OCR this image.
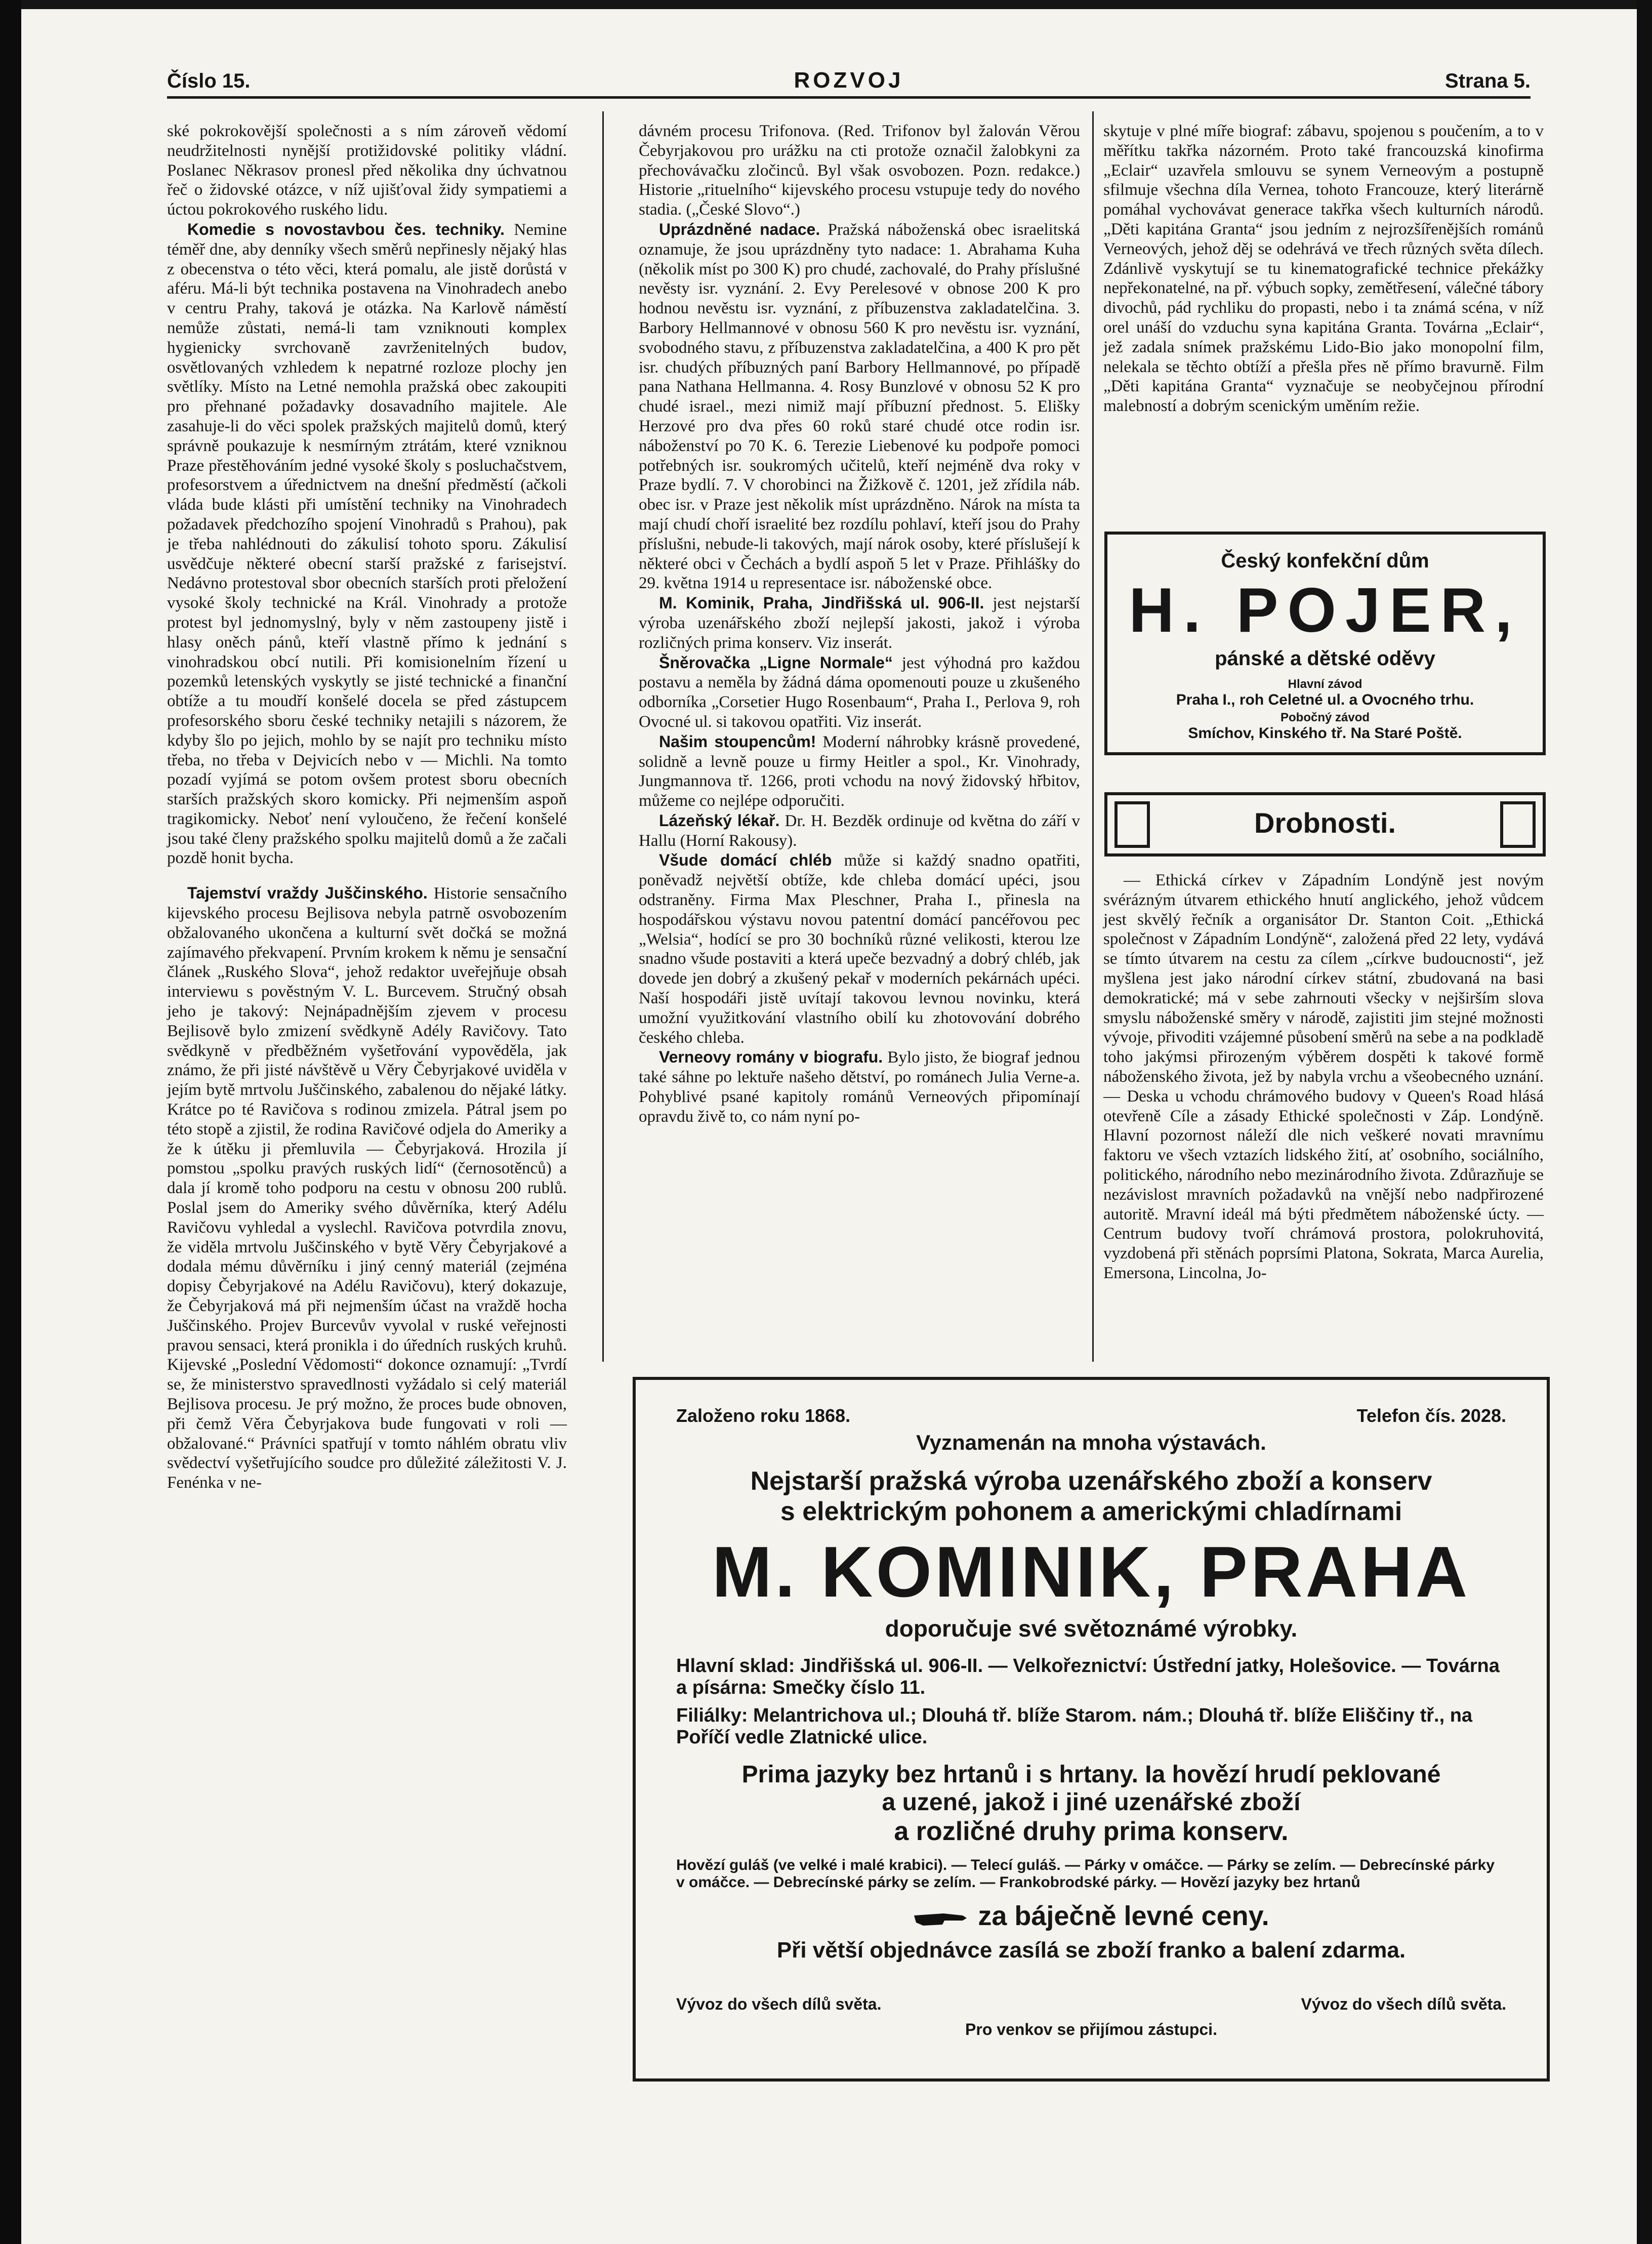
Číslo 15.	ROZVOJ	Strana 5.

ské pokrokovější společnosti a s ním zároveň vědomí neudržitelnosti nynější protižidovské politiky vládní. Poslanec Někrasov pronesl před několika dny úchvatnou řeč o židovské otázce, v níž ujišťoval židy sympatiemi a úctou pokrokového ruského lidu.

Komedie s novostavbou čes. techniky. Nemine téměř dne, aby denníky všech směrů nepřinesly nějaký hlas z obecenstva o této věci, která pomalu, ale jistě dorůstá v aféru. Má-li být technika postavena na Vinohradech anebo v centru Prahy, taková je otázka. Na Karlově náměstí nemůže zůstati, nemá-li tam vzniknouti komplex hygienicky svrchovaně zavrženitelných budov, osvětlovaných vzhledem k nepatrné rozloze plochy jen světlíky. Místo na Letné nemohla pražská obec zakoupiti pro přehnané požadavky dosavadního majitele. Ale zasahuje-li do věci spolek pražských majitelů domů, který správně poukazuje k nesmírným ztrátám, které vzniknou Praze přestěhováním jedné vysoké školy s posluchačstvem, profesorstvem a úřednictvem na dnešní předměstí (ačkoli vláda bude klásti při umístění techniky na Vinohradech požadavek předchozího spojení Vinohradů s Prahou), pak je třeba nahlédnouti do zákulisí tohoto sporu. Zákulisí usvědčuje některé obecní starší pražské z farisejství. Nedávno protestoval sbor obecních starších proti přeložení vysoké školy technické na Král. Vinohrady a protože protest byl jednomyslný, byly v něm zastoupeny jistě i hlasy oněch pánů, kteří vlastně přímo k jednání s vinohradskou obcí nutili. Při komisionelním řízení u pozemků letenských vyskytly se jisté technické a finanční obtíže a tu moudří konšelé docela se před zástupcem profesorského sboru české techniky netajili s názorem, že kdyby šlo po jejich, mohlo by se najít pro techniku místo třeba, no třeba v Dejvicích nebo v — Michli. Na tomto pozadí vyjímá se potom ovšem protest sboru obecních starších pražských skoro komicky. Při nejmenším aspoň tragikomicky. Neboť není vyloučeno, že řečení konšelé jsou také členy pražského spolku majitelů domů a že začali pozdě honit bycha.

Tajemství vraždy Juščinského. Historie sensačního kijevského procesu Bejlisova nebyla patrně osvobozením obžalovaného ukončena a kulturní svět dočká se možná zajímavého překvapení. Prvním krokem k němu je sensační článek „Ruského Slova“, jehož redaktor uveřejňuje obsah interviewu s pověstným V. L. Burcevem. Stručný obsah jeho je takový: Nejnápadnějším zjevem v procesu Bejlisově bylo zmizení svědkyně Adély Ravičovy. Tato svědkyně v předběžném vyšetřování vypověděla, jak známo, že při jisté návštěvě u Věry Čebyrjakové uviděla v jejím bytě mrtvolu Juščinského, zabalenou do nějaké látky. Krátce po té Ravičova s rodinou zmizela. Pátral jsem po této stopě a zjistil, že rodina Ravičové odjela do Ameriky a že k útěku ji přemluvila — Čebyrjaková. Hrozila jí pomstou „spolku pravých ruských lidí“ (černosotěnců) a dala jí kromě toho podporu na cestu v obnosu 200 rublů. Poslal jsem do Ameriky svého důvěrníka, který Adélu Ravičovu vyhledal a vyslechl. Ravičova potvrdila znovu, že viděla mrtvolu Juščinského v bytě Věry Čebyrjakové a dodala mému důvěrníku i jiný cenný materiál (zejména dopisy Čebyrjakové na Adélu Ravičovu), který dokazuje, že Čebyrjaková má při nejmenším účast na vraždě hocha Juščinského. Projev Burcevův vyvolal v ruské veřejnosti pravou sensaci, která pronikla i do úředních ruských kruhů. Kijevské „Poslední Vědomosti“ dokonce oznamují: „Tvrdí se, že ministerstvo spravedlnosti vyžádalo si celý materiál Bejlisova procesu. Je prý možno, že proces bude obnoven, při čemž Věra Čebyrjakova bude fungovati v roli — obžalované.“ Právníci spatřují v tomto náhlém obratu vliv svědectví vyšetřujícího soudce pro důležité záležitosti V. J. Fenénka v ne-

dávném procesu Trifonova. (Red. Trifonov byl žalován Věrou Čebyrjakovou pro urážku na cti protože označil žalobkyni za přechovávačku zločinců. Byl však osvobozen. Pozn. redakce.) Historie „rituelního“ kijevského procesu vstupuje tedy do nového stadia. („České Slovo“.)

Uprázdněné nadace. Pražská náboženská obec israelitská oznamuje, že jsou uprázdněny tyto nadace: 1. Abrahama Kuha (několik míst po 300 K) pro chudé, zachovalé, do Prahy příslušné nevěsty isr. vyznání. 2. Evy Perelesové v obnose 200 K pro hodnou nevěstu isr. vyznání, z příbuzenstva zakladatelčina. 3. Barbory Hellmannové v obnosu 560 K pro nevěstu isr. vyznání, svobodného stavu, z příbuzenstva zakladatelčina, a 400 K pro pět isr. chudých příbuzných paní Barbory Hellmannové, po případě pana Nathana Hellmanna. 4. Rosy Bunzlové v obnosu 52 K pro chudé israel., mezi nimiž mají příbuzní přednost. 5. Elišky Herzové pro dva přes 60 roků staré chudé otce rodin isr. náboženství po 70 K. 6. Terezie Liebenové ku podpoře pomoci potřebných isr. soukromých učitelů, kteří nejméně dva roky v Praze bydlí. 7. V chorobinci na Žižkově č. 1201, jež zřídila náb. obec isr. v Praze jest několik míst uprázdněno. Nárok na místa ta mají chudí choří israelité bez rozdílu pohlaví, kteří jsou do Prahy příslušni, nebude-li takových, mají nárok osoby, které příslušejí k některé obci v Čechách a bydlí aspoň 5 let v Praze. Přihlášky do 29. května 1914 u representace isr. náboženské obce.

M. Kominik, Praha, Jindřišská ul. 906-II. jest nejstarší výroba uzenářského zboží nejlepší jakosti, jakož i výroba rozličných prima konserv. Viz inserát.

Šněrovačka „Ligne Normale“ jest výhodná pro každou postavu a neměla by žádná dáma opomenouti pouze u zkušeného odborníka „Corsetier Hugo Rosenbaum“, Praha I., Perlova 9, roh Ovocné ul. si takovou opatřiti. Viz inserát.

Našim stoupencům! Moderní náhrobky krásně provedené, solidně a levně pouze u firmy Heitler a spol., Kr. Vinohrady, Jungmannova tř. 1266, proti vchodu na nový židovský hřbitov, můžeme co nejlépe odporučiti.

Lázeňský lékař. Dr. H. Bezděk ordinuje od května do září v Hallu (Horní Rakousy).

Všude domácí chléb může si každý snadno opatřiti, poněvadž největší obtíže, kde chleba domácí upéci, jsou odstraněny. Firma Max Pleschner, Praha I., přinesla na hospodářskou výstavu novou patentní domácí pancéřovou pec „Welsia“, hodící se pro 30 bochníků různé velikosti, kterou lze snadno všude postaviti a která upeče bezvadný a dobrý chléb, jak dovede jen dobrý a zkušený pekař v moderních pekárnách upéci. Naší hospodáři jistě uvítají takovou levnou novinku, která umožní využitkování vlastního obilí ku zhotovování dobrého českého chleba.

Verneovy romány v biografu. Bylo jisto, že biograf jednou také sáhne po lektuře našeho dětství, po románech Julia Verne-a. Pohyblivé psané kapitoly románů Verneových připomínají opravdu živě to, co nám nyní po-

skytuje v plné míře biograf: zábavu, spojenou s poučením, a to v měřítku takřka názorném. Proto také francouzská kinofirma „Eclair“ uzavřela smlouvu se synem Verneovým a postupně sfilmuje všechna díla Vernea, tohoto Francouze, který literárně pomáhal vychovávat generace takřka všech kulturních národů. „Děti kapitána Granta“ jsou jedním z nejrozšířenějších románů Verneových, jehož děj se odehrává ve třech různých světa dílech. Zdánlivě vyskytují se tu kinematografické technice překážky nepřekonatelné, na př. výbuch sopky, zemětřesení, válečné tábory divochů, pád rychliku do propasti, nebo i ta známá scéna, v níž orel unáší do vzduchu syna kapitána Granta. Továrna „Eclair“, jež zadala snímek pražskému Lido-Bio jako monopolní film, nelekala se těchto obtíží a přešla přes ně přímo bravurně. Film „Děti kapitána Granta“ vyznačuje se neobyčejnou přírodní malebností a dobrým scenickým uměním režie.

Český konfekční dům
H. POJER,
pánské a dětské oděvy
Hlavní závod
Praha I., roh Celetné ul. a Ovocného trhu.
Pobočný závod
Smíchov, Kinského tř. Na Staré Poště.
Drobnosti.

— Ethická církev v Západním Londýně jest novým svérázným útvarem ethického hnutí anglického, jehož vůdcem jest skvělý řečník a organisátor Dr. Stanton Coit. „Ethická společnost v Západním Londýně“, založená před 22 lety, vydává se tímto útvarem na cestu za cílem „církve budoucnosti“, jež myšlena jest jako národní církev státní, zbudovaná na basi demokratické; má v sebe zahrnouti všecky v nejširším slova smyslu náboženské směry v národě, zajistiti jim stejné možnosti vývoje, přivoditi vzájemné působení směrů na sebe a na podkladě toho jakýmsi přirozeným výběrem dospěti k takové formě náboženského života, jež by nabyla vrchu a všeobecného uznání. — Deska u vchodu chrámového budovy v Queen's Road hlásá otevřeně Cíle a zásady Ethické společnosti v Záp. Londýně. Hlavní pozornost náleží dle nich veškeré novati mravnímu faktoru ve všech vztazích lidského žití, ať osobního, sociálního, politického, národního nebo mezinárodního života. Zdůrazňuje se nezávislost mravních požadavků na vnější nebo nadpřirozené autoritě. Mravní ideál má býti předmětem náboženské úcty. — Centrum budovy tvoří chrámová prostora, polokruhovitá, vyzdobená při stěnách poprsími Platona, Sokrata, Marca Aurelia, Emersona, Lincolna, Jo-

Založeno roku 1868.	Telefon čís. 2028.

Vyznamenán na mnoha výstavách.

Nejstarší pražská výroba uzenářského zboží a konserv

s elektrickým pohonem a americkými chladírnami

M. KOMINIK, PRAHA

doporučuje své světoznámé výrobky.

Hlavní sklad: Jindřišská ul. 906-II. — Velkořeznictví: Ústřední jatky, Holešovice. — Továrna a písárna: Smečky číslo 11.

Filiálky: Melantrichova ul.; Dlouhá tř. blíže Starom. nám.; Dlouhá tř. blíže Eliščiny tř., na Poříčí vedle Zlatnické ulice.

Prima jazyky bez hrtanů i s hrtany. Ia hovězí hrudí peklované

a uzené, jakož i jiné uzenářské zboží

a rozličné druhy prima konserv.

Hovězí guláš (ve velké i malé krabici). — Telecí guláš. — Párky v omáčce. — Párky se zelím. — Debrecínské párky v omáčce. — Debrecínské párky se zelím. — Frankobrodské párky. — Hovězí jazyky bez hrtanů

za báječně levné ceny.

Při větší objednávce zasílá se zboží franko a balení zdarma.

Vývoz do všech dílů světa.	Vývoz do všech dílů světa.
Pro venkov se přijímou zástupci.
